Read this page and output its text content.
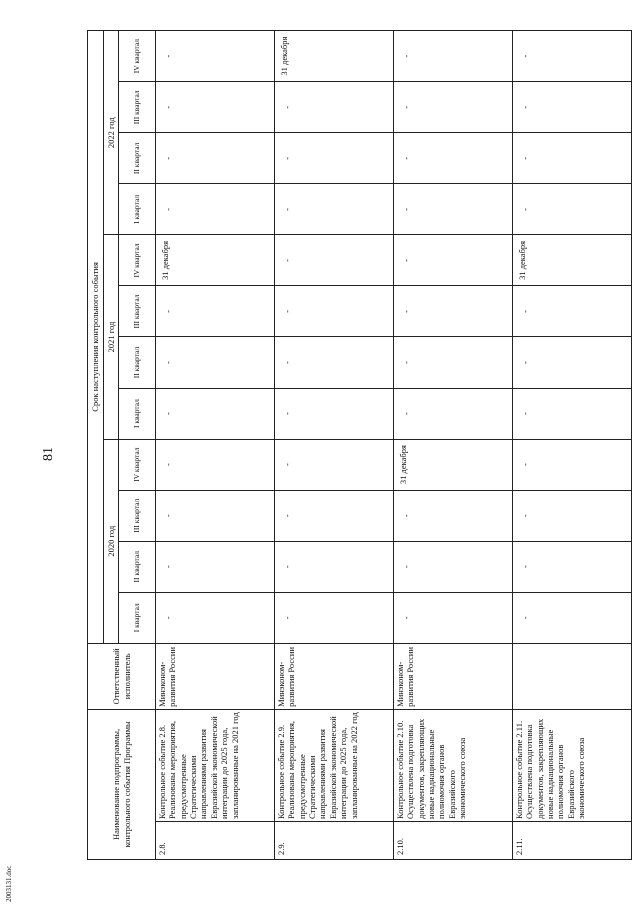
81
2003131.doc
Наименование подпрограммы, контрольного события Программы		Ответственный исполнитель	Срок наступления контрольного события											
			2020 год				2021 год				2022 год			
			I квартал	II квартал	III квартал	IV квартал	I квартал	II квартал	III квартал	IV квартал	I квартал	II квартал	III квартал	IV квартал
2.8.	Контрольное событие 2.8. Реализованы мероприятия, предусмотренные Стратегическими направлениями развития Евразийской экономической интеграции до 2025 года, запланированные на 2021 год	Минэконом-развития России	-	-	-	-	-	-	-	31 декабря	-	-	-	-

2.9.	Контрольное событие 2.9. Реализованы мероприятия, предусмотренные Стратегическими направлениями развития Евразийской экономической интеграции до 2025 года, запланированные на 2022 год	Минэконом-развития России	-	-	-	-	-	-	-	-	-	-	-	31 декабря

2.10.	Контрольное событие 2.10. Осуществлена подготовка документов, закрепляющих новые наднациональные полномочия органов Евразийского экономического союза	Минэконом-развития России	-	-	-	31 декабря	-	-	-	-	-	-	-	-

2.11.	Контрольное событие 2.11. Осуществлена подготовка документов, закрепляющих новые наднациональные полномочия органов Евразийского экономического союза		-	-	-	-	-	-	-	31 декабря	-	-	-	-
